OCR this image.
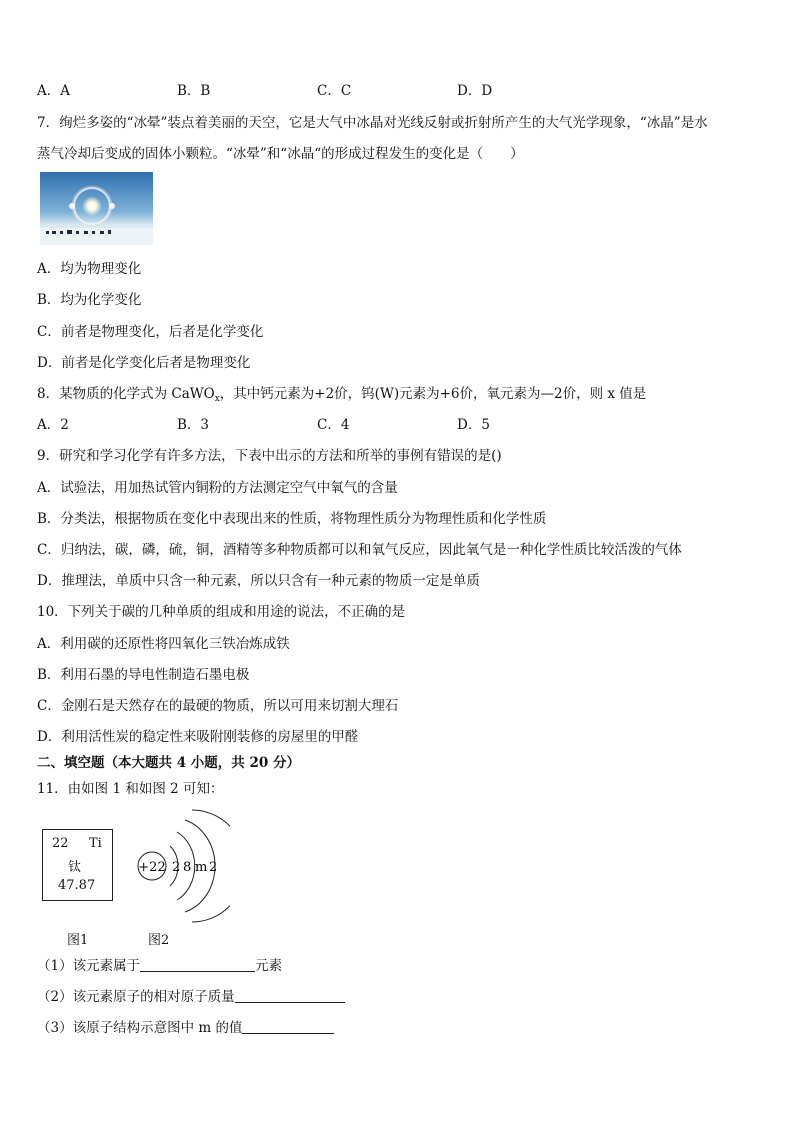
A．A	B．B	C．C	D．D
7．绚烂多姿的“冰晕”装点着美丽的天空，它是大气中冰晶对光线反射或折射所产生的大气光学现象，“冰晶”是水
蒸气冷却后变成的固体小颗粒。“冰晕”和“冰晶“的形成过程发生的变化是（　　）
A．均为物理变化
B．均为化学变化
C．前者是物理变化，后者是化学变化
D．前者是化学变化后者是物理变化
8．某物质的化学式为 CaWO$_x$，其中钙元素为+2价，钨(W)元素为+6价，氧元素为—2价，则 x 值是
A．2	B．3	C．4	D．5
9．研究和学习化学有许多方法，下表中出示的方法和所举的事例有错误的是()
A．试验法，用加热试管内铜粉的方法测定空气中氧气的含量
B．分类法，根据物质在变化中表现出来的性质，将物理性质分为物理性质和化学性质
C．归纳法，碳，磷，硫，铜，酒精等多种物质都可以和氧气反应，因此氧气是一种化学性质比较活泼的气体
D．推理法，单质中只含一种元素，所以只含有一种元素的物质一定是单质
10．下列关于碳的几种单质的组成和用途的说法，不正确的是
A．利用碳的还原性将四氧化三铁冶炼成铁
B．利用石墨的导电性制造石墨电极
C．金刚石是天然存在的最硬的物质，所以可用来切割大理石
D．利用活性炭的稳定性来吸附刚装修的房屋里的甲醛
二、填空题（本大题共 4 小题，共 20 分）
11．由如图 1 和如图 2 可知：
22 Ti
钛
47.87
+22 2 8 m 2
图1	图2
（1）该元素属于	元素
（2）该元素原子的相对原子质量
（3）该原子结构示意图中 m 的值
